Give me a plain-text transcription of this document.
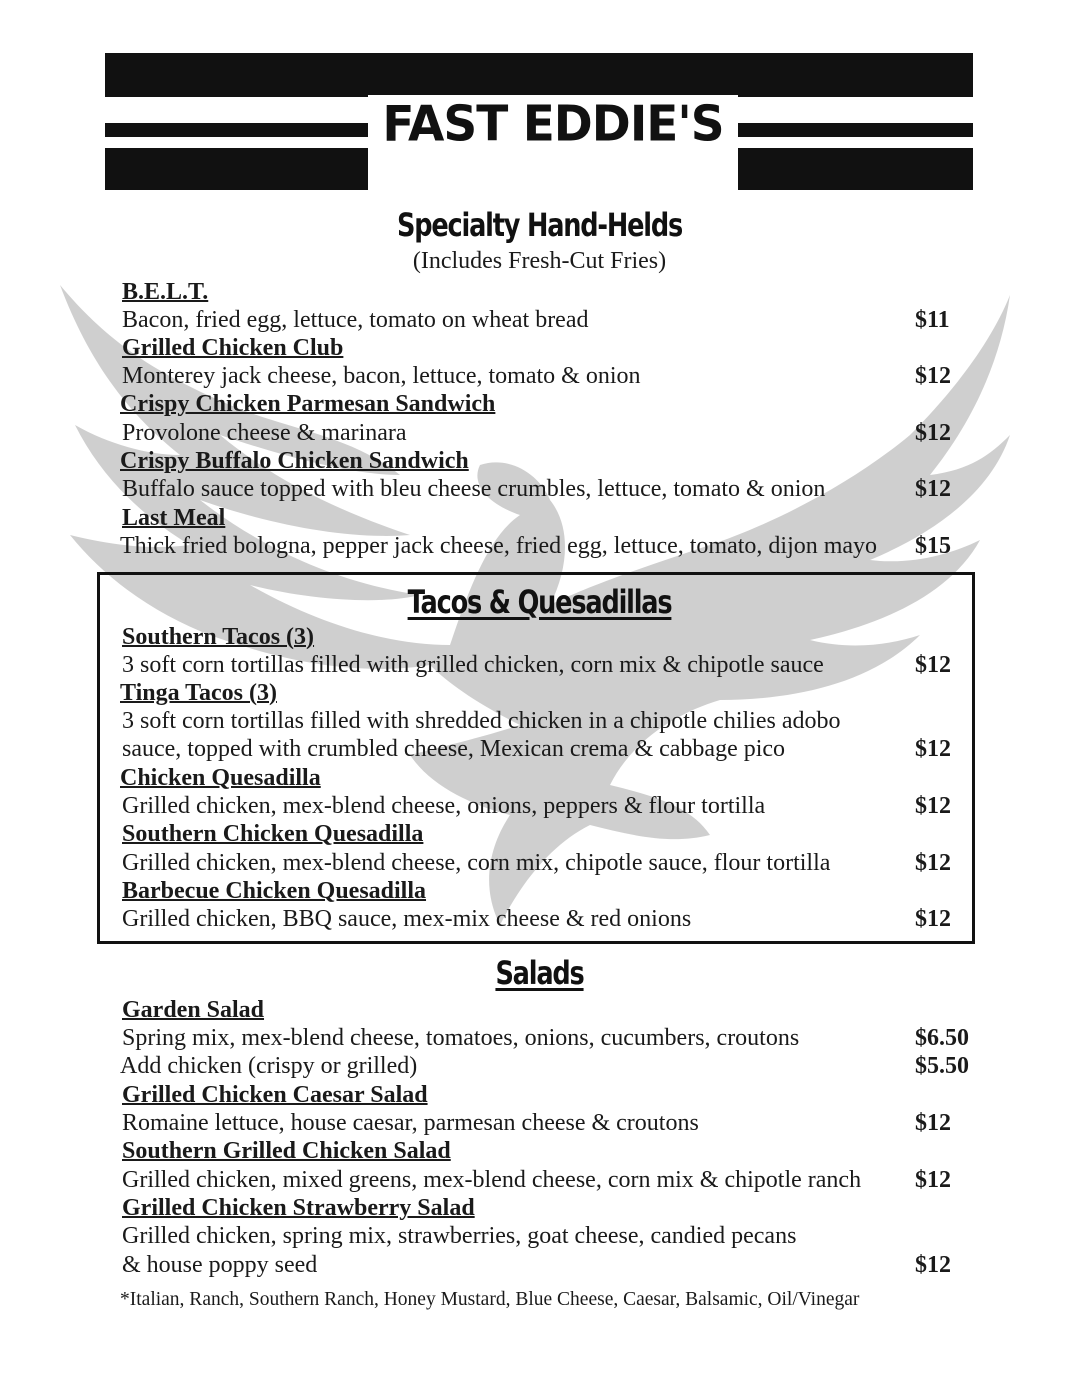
FAST EDDIE'S
GRILLE
Specialty Hand-Helds
(Includes Fresh-Cut Fries)
B.E.L.T.
Bacon, fried egg, lettuce, tomato on wheat bread	$11
Grilled Chicken Club
Monterey jack cheese, bacon, lettuce, tomato & onion	$12
Crispy Chicken Parmesan Sandwich
Provolone cheese & marinara	$12
Crispy Buffalo Chicken Sandwich
Buffalo sauce topped with bleu cheese crumbles, lettuce, tomato & onion	$12
Last Meal
Thick fried bologna, pepper jack cheese, fried egg, lettuce, tomato, dijon mayo $15
Tacos & Quesadillas
Southern Tacos (3)
3 soft corn tortillas filled with grilled chicken, corn mix & chipotle sauce	$12
Tinga Tacos (3)
3 soft corn tortillas filled with shredded chicken in a chipotle chilies adobo
sauce, topped with crumbled cheese, Mexican crema & cabbage pico	$12
Chicken Quesadilla
Grilled chicken, mex-blend cheese, onions, peppers & flour tortilla	$12
Southern Chicken Quesadilla
Grilled chicken, mex-blend cheese, corn mix, chipotle sauce, flour tortilla	$12
Barbecue Chicken Quesadilla
Grilled chicken, BBQ sauce, mex-mix cheese & red onions	$12
Salads
Garden Salad
Spring mix, mex-blend cheese, tomatoes, onions, cucumbers, croutons	$6.50
Add chicken (crispy or grilled)	$5.50
Grilled Chicken Caesar Salad
Romaine lettuce, house caesar, parmesan cheese & croutons	$12
Southern Grilled Chicken Salad
Grilled chicken, mixed greens, mex-blend cheese, corn mix & chipotle ranch $12
Grilled Chicken Strawberry Salad
Grilled chicken, spring mix, strawberries, goat cheese, candied pecans
& house poppy seed	$12
*Italian, Ranch, Southern Ranch, Honey Mustard, Blue Cheese, Caesar, Balsamic, Oil/Vinegar
